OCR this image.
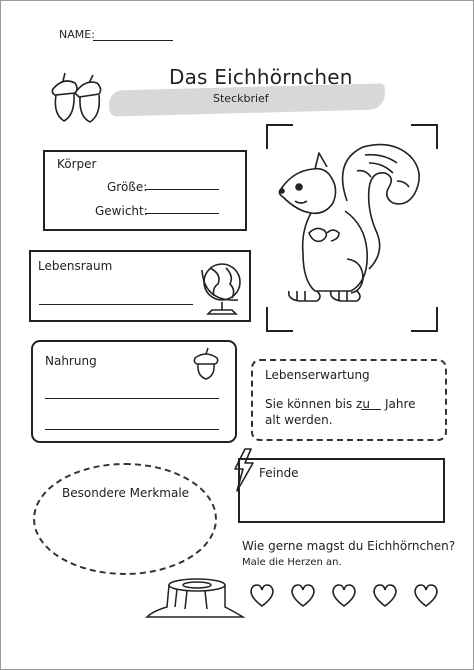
NAME:
Das Eichhörnchen
Steckbrief
Körper
Größe:
Gewicht:
Lebensraum
Nahrung
Lebenserwartung
Sie können bis zu Jahre
alt werden.
Feinde
Besondere Merkmale
Wie gerne magst du Eichhörnchen?
Male die Herzen an.
